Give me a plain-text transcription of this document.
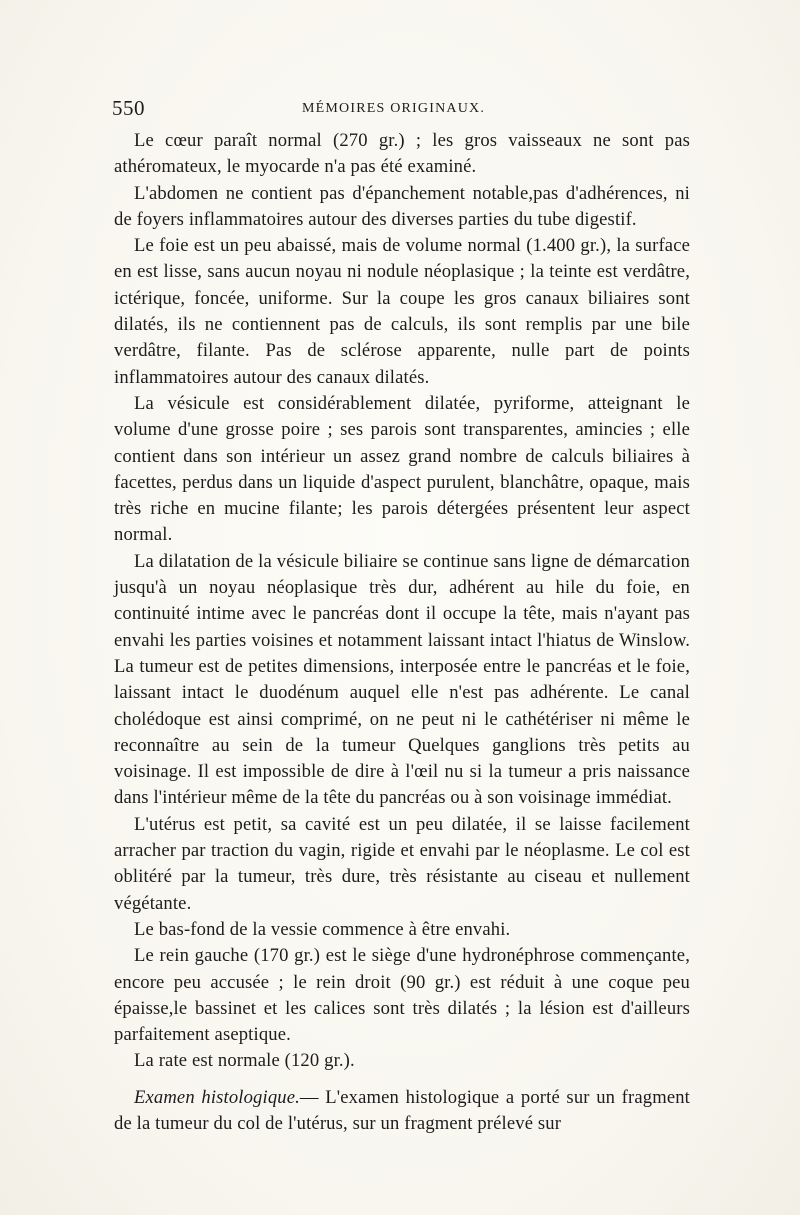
550	MÉMOIRES ORIGINAUX.

Le cœur paraît normal (270 gr.) ; les gros vaisseaux ne sont pas athéromateux, le myocarde n'a pas été examiné.

L'abdomen ne contient pas d'épanchement notable,pas d'adhérences, ni de foyers inflammatoires autour des diverses parties du tube digestif.

Le foie est un peu abaissé, mais de volume normal (1.400 gr.), la surface en est lisse, sans aucun noyau ni nodule néoplasique ; la teinte est verdâtre, ictérique, foncée, uniforme. Sur la coupe les gros canaux biliaires sont dilatés, ils ne contiennent pas de calculs, ils sont remplis par une bile verdâtre, filante. Pas de sclérose apparente, nulle part de points inflammatoires autour des canaux dilatés.

La vésicule est considérablement dilatée, pyriforme, atteignant le volume d'une grosse poire ; ses parois sont transparentes, amincies ; elle contient dans son intérieur un assez grand nombre de calculs biliaires à facettes, perdus dans un liquide d'aspect purulent, blanchâtre, opaque, mais très riche en mucine filante; les parois détergées présentent leur aspect normal.

La dilatation de la vésicule biliaire se continue sans ligne de démarcation jusqu'à un noyau néoplasique très dur, adhérent au hile du foie, en continuité intime avec le pancréas dont il occupe la tête, mais n'ayant pas envahi les parties voisines et notamment laissant intact l'hiatus de Winslow. La tumeur est de petites dimensions, interposée entre le pancréas et le foie, laissant intact le duodénum auquel elle n'est pas adhérente. Le canal cholédoque est ainsi comprimé, on ne peut ni le cathétériser ni même le reconnaître au sein de la tumeur Quelques ganglions très petits au voisinage. Il est impossible de dire à l'œil nu si la tumeur a pris naissance dans l'intérieur même de la tête du pancréas ou à son voisinage immédiat.

L'utérus est petit, sa cavité est un peu dilatée, il se laisse facilement arracher par traction du vagin, rigide et envahi par le néoplasme. Le col est oblitéré par la tumeur, très dure, très résistante au ciseau et nullement végétante.

Le bas-fond de la vessie commence à être envahi.

Le rein gauche (170 gr.) est le siège d'une hydronéphrose commençante, encore peu accusée ; le rein droit (90 gr.) est réduit à une coque peu épaisse,le bassinet et les calices sont très dilatés ; la lésion est d'ailleurs parfaitement aseptique.

La rate est normale (120 gr.).

Examen histologique.— L'examen histologique a porté sur un fragment de la tumeur du col de l'utérus, sur un fragment prélevé sur
